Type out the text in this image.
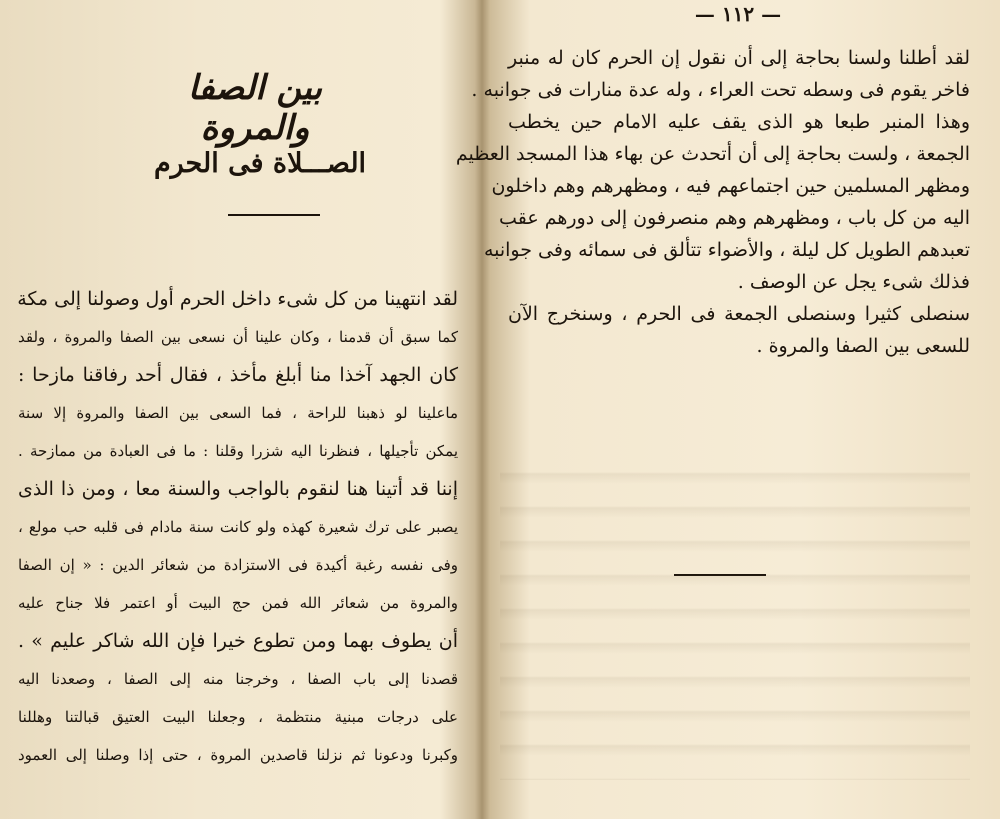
بين الصفا والمروة
الصـــلاة فى الحرم
لقد انتهينا من كل شىء داخل الحرم أول وصولنا إلى مكة
كما سبق أن قدمنا ، وكان علينا أن نسعى بين الصفا والمروة ، ولقد
كان الجهد آخذا منا أبلغ مأخذ ، فقال أحد رفاقنا مازحا :
ماعلينا لو ذهبنا للراحة ، فما السعى بين الصفا والمروة إلا سنة
يمكن تأجيلها ، فنظرنا اليه شزرا وقلنا : ما فى العبادة من ممازحة .
إننا قد أتينا هنا لنقوم بالواجب والسنة معا ، ومن ذا الذى
يصبر على ترك شعيرة كهذه ولو كانت سنة مادام فى قلبه حب مولع ،
وفى نفسه رغبة أكيدة فى الاستزادة من شعائر الدين : « إن الصفا
والمروة من شعائر الله فمن حج البيت أو اعتمر فلا جناح عليه
أن يطوف بهما ومن تطوع خيرا فإن الله شاكر عليم » .
قصدنا إلى باب الصفا ، وخرجنا منه إلى الصفا ، وصعدنا اليه
على درجات مبنية منتظمة ، وجعلنا البيت العتيق قبالتنا وهللنا
وكبرنا ودعونا ثم نزلنا قاصدين المروة ، حتى إذا وصلنا إلى العمود
— ١١٢ —
لقد أطلنا ولسنا بحاجة إلى أن نقول إن الحرم كان له منبر
فاخر يقوم فى وسطه تحت العراء ، وله عدة منارات فى جوانبه .
وهذا المنبر طبعا هو الذى يقف عليه الامام حين يخطب
الجمعة ، ولست بحاجة إلى أن أتحدث عن بهاء هذا المسجد العظيم
ومظهر المسلمين حين اجتماعهم فيه ، ومظهرهم وهم داخلون
اليه من كل باب ، ومظهرهم وهم منصرفون إلى دورهم عقب
تعبدهم الطويل كل ليلة ، والأضواء تتألق فى سمائه وفى جوانبه
فذلك شىء يجل عن الوصف .
سنصلى كثيرا وسنصلى الجمعة فى الحرم ، وسنخرج الآن
للسعى بين الصفا والمروة .
